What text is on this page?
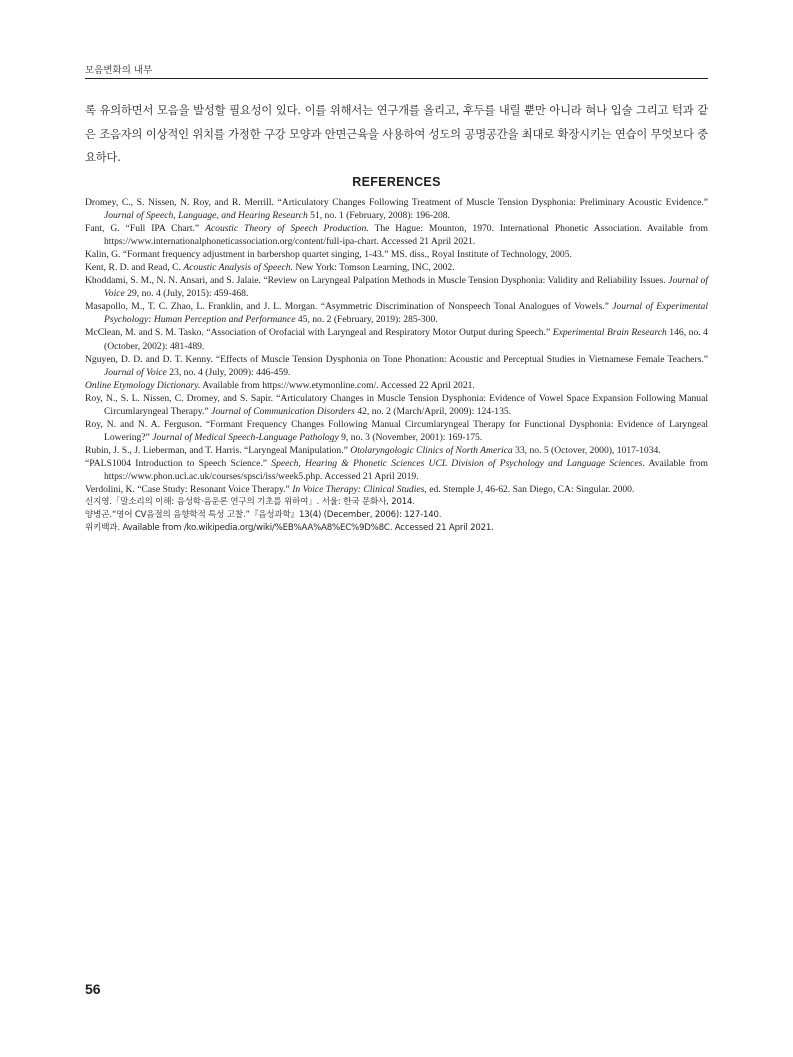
모음변화의 내부

록 유의하면서 모음을 발성할 필요성이 있다. 이를 위해서는 연구개를 올리고, 후두를 내릴 뿐만 아니라 혀나 입술 그리고 턱과 같은 조음자의 이상적인 위치를 가정한 구강 모양과 안면근육을 사용하여 성도의 공명공간을 최대로 확장시키는 연습이 무엇보다 중요하다.

REFERENCES
Dromey, C., S. Nissen, N. Roy, and R. Merrill. “Articulatory Changes Following Treatment of Muscle Tension Dysphonia: Preliminary Acoustic Evidence.” Journal of Speech, Language, and Hearing Research 51, no. 1 (February, 2008): 196-208.
Fant, G. “Full IPA Chart.” Acoustic Theory of Speech Production. The Hague: Mounton, 1970. International Phonetic Association. Available from https://www.internationalphoneticassociation.org/content/full-ipa-chart. Accessed 21 April 2021.
Kalin, G. “Formant frequency adjustment in barbershop quartet singing, 1-43.” MS. diss., Royal Institute of Technology, 2005.
Kent, R. D. and Read, C. Acoustic Analysis of Speech. New York: Tomson Learning, INC, 2002.
Khoddami, S. M., N. N. Ansari, and S. Jalaie. “Review on Laryngeal Palpation Methods in Muscle Tension Dysphonia: Validity and Reliability Issues. Journal of Voice 29, no. 4 (July, 2015): 459-468.
Masapollo, M., T. C. Zhao, L. Franklin, and J. L. Morgan. “Asymmetric Discrimination of Nonspeech Tonal Analogues of Vowels.” Journal of Experimental Psychology: Human Perception and Performance 45, no. 2 (February, 2019): 285-300.
McClean, M. and S. M. Tasko. “Association of Orofacial with Laryngeal and Respiratory Motor Output during Speech.” Experimental Brain Research 146, no. 4 (October, 2002): 481-489.
Nguyen, D. D. and D. T. Kenny. “Effects of Muscle Tension Dysphonia on Tone Phonation: Acoustic and Perceptual Studies in Vietnamese Female Teachers.” Journal of Voice 23, no. 4 (July, 2009): 446-459.
Online Etymology Dictionary. Available from https://www.etymonline.com/. Accessed 22 April 2021.
Roy, N., S. L. Nissen, C. Dromey, and S. Sapir. “Articulatory Changes in Muscle Tension Dysphonia: Evidence of Vowel Space Expansion Following Manual Circumlaryngeal Therapy.” Journal of Communication Disorders 42, no. 2 (March/April, 2009): 124-135.
Roy, N. and N. A. Ferguson. “Formant Frequency Changes Following Manual Circumlaryngeal Therapy for Functional Dysphonia: Evidence of Laryngeal Lowering?” Journal of Medical Speech-Language Pathology 9, no. 3 (November, 2001): 169-175.
Rubin, J. S., J. Lieberman, and T. Harris. “Laryngeal Manipulation.” Otolaryngologic Clinics of North America 33, no. 5 (Octover, 2000), 1017-1034.
“PALS1004 Introduction to Speech Science.” Speech, Hearing & Phonetic Sciences UCL Division of Psychology and Language Sciences. Available from https://www.phon.ucl.ac.uk/courses/spsci/iss/week5.php. Accessed 21 April 2019.
Verdolini, K. “Case Study: Resonant Voice Therapy.” In Voice Therapy: Clinical Studies, ed. Stemple J, 46-62. San Diego, CA: Singular. 2000.
신지영.「말소리의 이해: 음성학·음운론 연구의 기초를 위하여」. 서울: 한국 문화사, 2014.
양병곤.“영어 CV음절의 음향학적 특성 고찰.”『음성과학』13(4) (December, 2006): 127-140.
위키백과. Available from /ko.wikipedia.org/wiki/%EB%AA%A8%EC%9D%8C. Accessed 21 April 2021.
56
